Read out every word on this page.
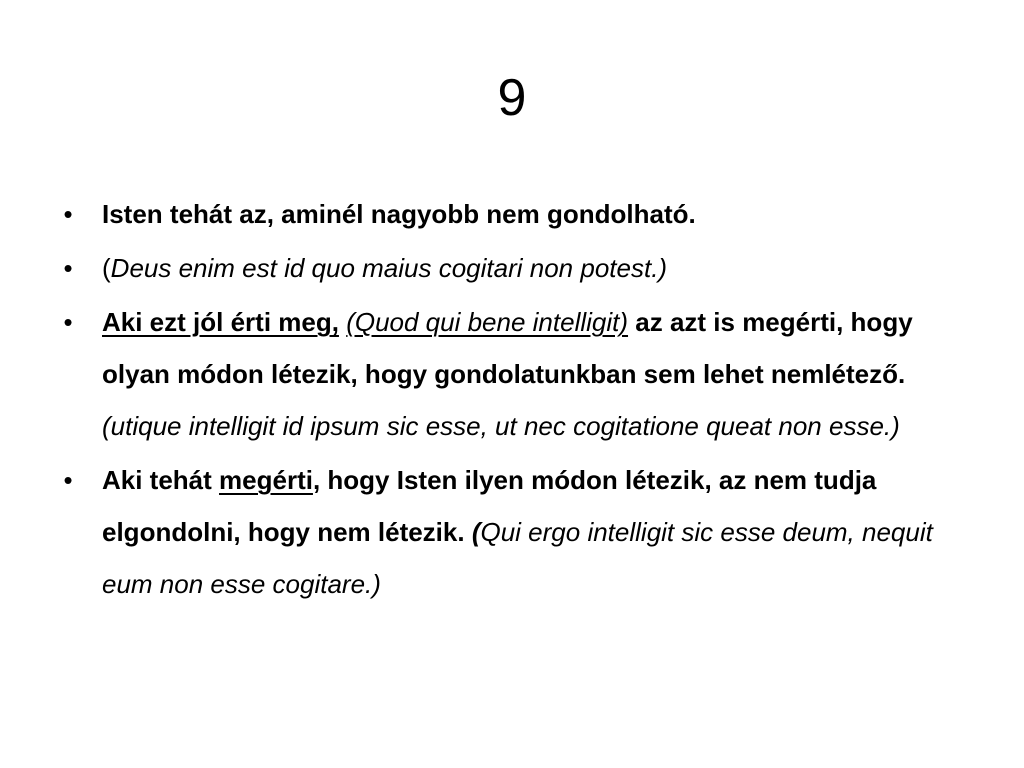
9
• Isten tehát az, aminél nagyobb nem gondolható.
• (Deus enim est id quo maius cogitari non potest.)
• Aki ezt jól érti meg, (Quod qui bene intelligit) az azt is megérti, hogy olyan módon létezik, hogy gondolatunkban sem lehet nemlétező. (utique intelligit id ipsum sic esse, ut nec cogitatione queat non esse.)
• Aki tehát megérti, hogy Isten ilyen módon létezik, az nem tudja elgondolni, hogy nem létezik. (Qui ergo intelligit sic esse deum, nequit eum non esse cogitare.)
